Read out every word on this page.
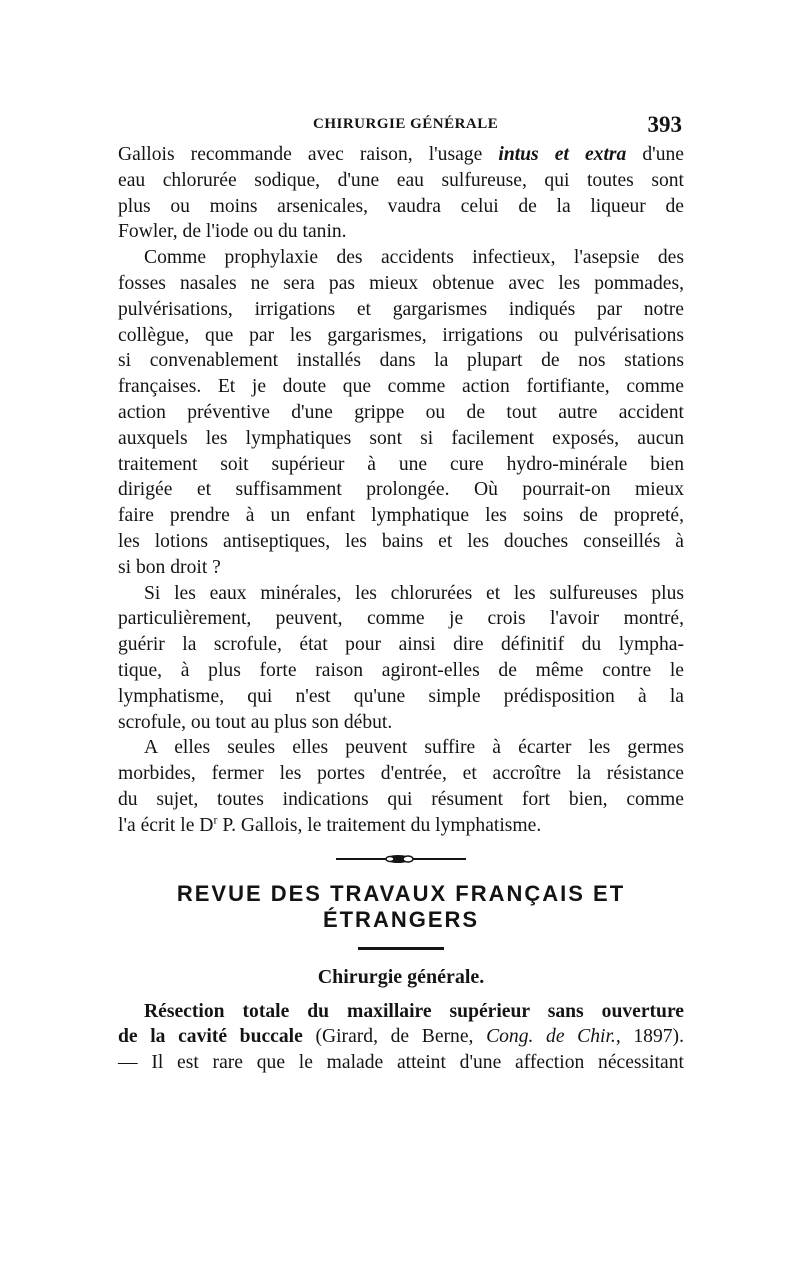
CHIRURGIE GÉNÉRALE	393
Gallois recommande avec raison, l'usage intus et extra d'une
eau chlorurée sodique, d'une eau sulfureuse, qui toutes sont
plus ou moins arsenicales, vaudra celui de la liqueur de
Fowler, de l'iode ou du tanin.
Comme prophylaxie des accidents infectieux, l'asepsie des
fosses nasales ne sera pas mieux obtenue avec les pommades,
pulvérisations, irrigations et gargarismes indiqués par notre
collègue, que par les gargarismes, irrigations ou pulvérisations
si convenablement installés dans la plupart de nos stations
françaises. Et je doute que comme action fortifiante, comme
action préventive d'une grippe ou de tout autre accident
auxquels les lymphatiques sont si facilement exposés, aucun
traitement soit supérieur à une cure hydro-minérale bien
dirigée et suffisamment prolongée. Où pourrait-on mieux
faire prendre à un enfant lymphatique les soins de propreté,
les lotions antiseptiques, les bains et les douches conseillés à
si bon droit ?
Si les eaux minérales, les chlorurées et les sulfureuses plus
particulièrement, peuvent, comme je crois l'avoir montré,
guérir la scrofule, état pour ainsi dire définitif du lympha-
tique, à plus forte raison agiront-elles de même contre le
lymphatisme, qui n'est qu'une simple prédisposition à la
scrofule, ou tout au plus son début.
A elles seules elles peuvent suffire à écarter les germes
morbides, fermer les portes d'entrée, et accroître la résistance
du sujet, toutes indications qui résument fort bien, comme
l'a écrit le $D^r$ P. Gallois, le traitement du lymphatisme.
REVUE DES TRAVAUX FRANÇAIS ET ÉTRANGERS
Chirurgie générale.
Résection totale du maxillaire supérieur sans ouverture
de la cavité buccale (Girard, de Berne, Cong. de Chir., 1897).
— Il est rare que le malade atteint d'une affection nécessitant
